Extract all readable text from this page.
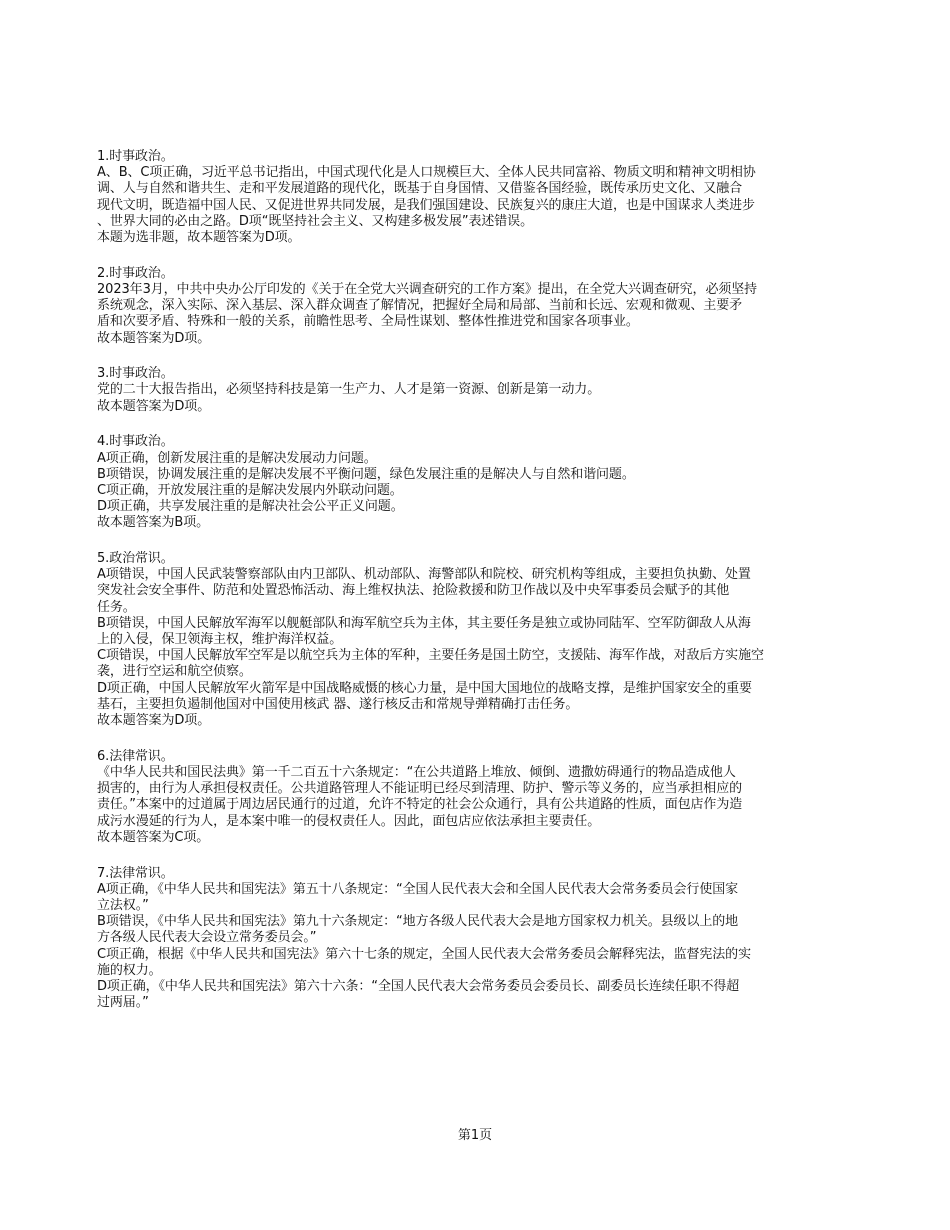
1.时事政治。
A、B、C项正确，习近平总书记指出，中国式现代化是人口规模巨大、全体人民共同富裕、物质文明和精神文明相协
调、人与自然和谐共生、走和平发展道路的现代化，既基于自身国情、又借鉴各国经验，既传承历史文化、又融合
现代文明，既造福中国人民、又促进世界共同发展，是我们强国建设、民族复兴的康庄大道，也是中国谋求人类进步
、世界大同的必由之路。D项“既坚持社会主义、又构建多极发展”表述错误。
本题为选非题，故本题答案为D项。
2.时事政治。
2023年3月，中共中央办公厅印发的《关于在全党大兴调查研究的工作方案》提出，在全党大兴调查研究，必须坚持
系统观念，深入实际、深入基层、深入群众调查了解情况，把握好全局和局部、当前和长远、宏观和微观、主要矛
盾和次要矛盾、特殊和一般的关系，前瞻性思考、全局性谋划、整体性推进党和国家各项事业。
故本题答案为D项。
3.时事政治。
党的二十大报告指出，必须坚持科技是第一生产力、人才是第一资源、创新是第一动力。
故本题答案为D项。
4.时事政治。
A项正确，创新发展注重的是解决发展动力问题。
B项错误，协调发展注重的是解决发展不平衡问题，绿色发展注重的是解决人与自然和谐问题。
C项正确，开放发展注重的是解决发展内外联动问题。
D项正确，共享发展注重的是解决社会公平正义问题。
故本题答案为B项。
5.政治常识。
A项错误，中国人民武装警察部队由内卫部队、机动部队、海警部队和院校、研究机构等组成，主要担负执勤、处置
突发社会安全事件、防范和处置恐怖活动、海上维权执法、抢险救援和防卫作战以及中央军事委员会赋予的其他
任务。
B项错误，中国人民解放军海军以舰艇部队和海军航空兵为主体，其主要任务是独立或协同陆军、空军防御敌人从海
上的入侵，保卫领海主权，维护海洋权益。
C项错误，中国人民解放军空军是以航空兵为主体的军种，主要任务是国土防空，支援陆、海军作战，对敌后方实施空
袭，进行空运和航空侦察。
D项正确，中国人民解放军火箭军是中国战略威慑的核心力量，是中国大国地位的战略支撑，是维护国家安全的重要
基石，主要担负遏制他国对中国使用核武 器、遂行核反击和常规导弹精确打击任务。
故本题答案为D项。
6.法律常识。
《中华人民共和国民法典》第一千二百五十六条规定：“在公共道路上堆放、倾倒、遗撒妨碍通行的物品造成他人
损害的，由行为人承担侵权责任。公共道路管理人不能证明已经尽到清理、防护、警示等义务的，应当承担相应的
责任。”本案中的过道属于周边居民通行的过道，允许不特定的社会公众通行，具有公共道路的性质，面包店作为造
成污水漫延的行为人，是本案中唯一的侵权责任人。因此，面包店应依法承担主要责任。
故本题答案为C项。
7.法律常识。
A项正确，《中华人民共和国宪法》第五十八条规定：“全国人民代表大会和全国人民代表大会常务委员会行使国家
立法权。”
B项错误，《中华人民共和国宪法》第九十六条规定：“地方各级人民代表大会是地方国家权力机关。县级以上的地
方各级人民代表大会设立常务委员会。”
C项正确，根据《中华人民共和国宪法》第六十七条的规定，全国人民代表大会常务委员会解释宪法，监督宪法的实
施的权力。
D项正确，《中华人民共和国宪法》第六十六条：“全国人民代表大会常务委员会委员长、副委员长连续任职不得超
过两届。”
第1页
